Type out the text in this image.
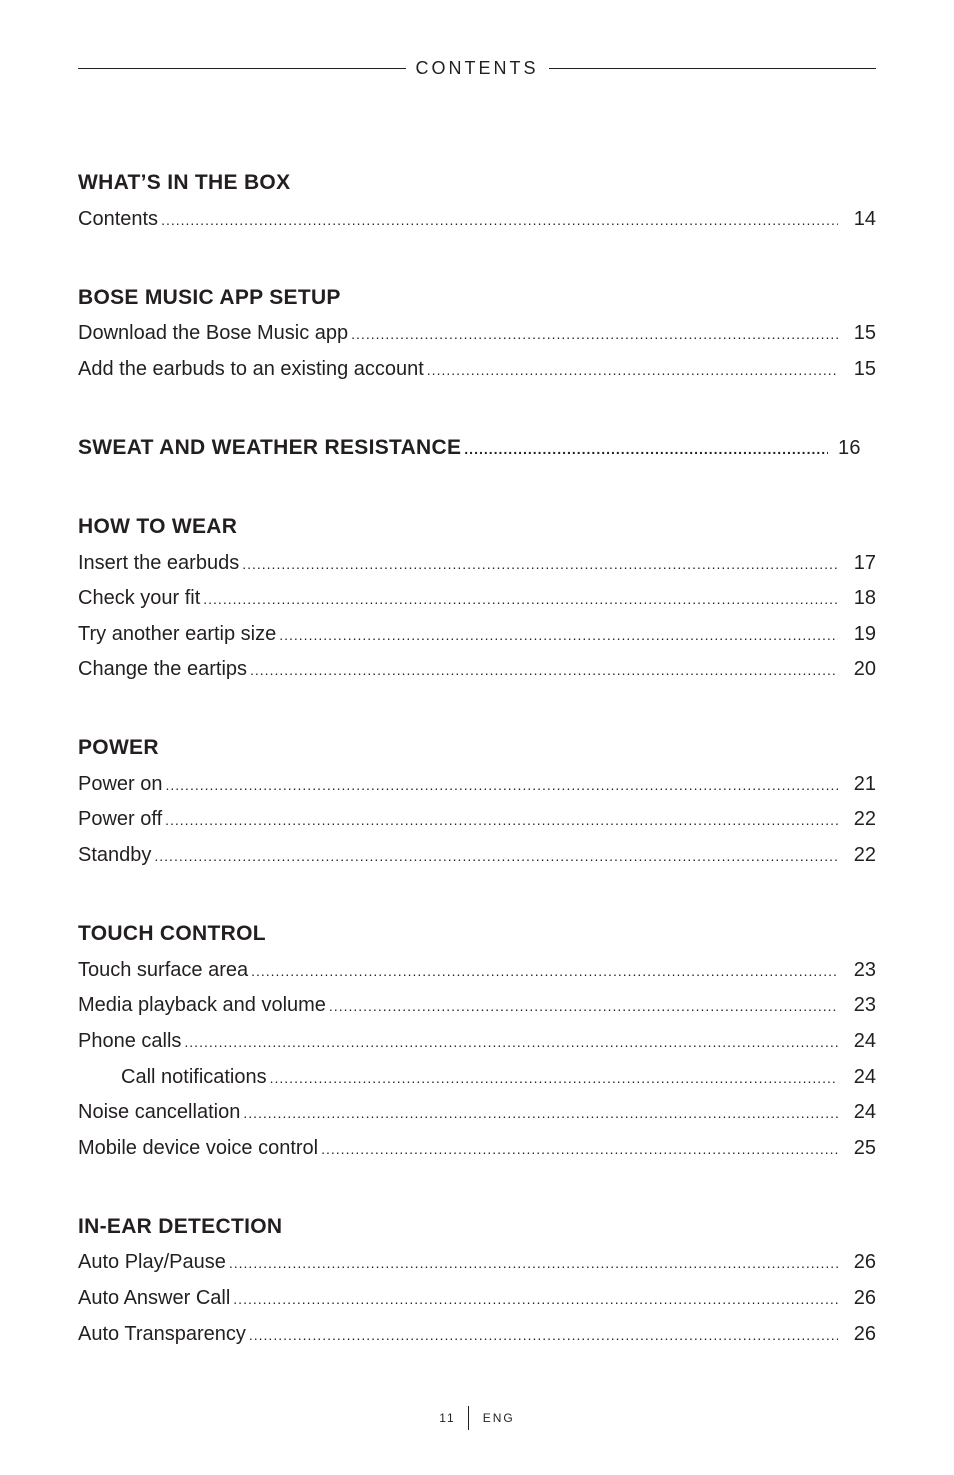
CONTENTS
WHAT’S IN THE BOX
Contents .....	14
BOSE MUSIC APP SETUP
Download the Bose Music app .....	15
Add the earbuds to an existing account .....	15
SWEAT AND WEATHER RESISTANCE .....	16
HOW TO WEAR
Insert the earbuds .....	17
Check your fit .....	18
Try another eartip size .....	19
Change the eartips .....	20
POWER
Power on .....	21
Power off .....	22
Standby .....	22
TOUCH CONTROL
Touch surface area .....	23
Media playback and volume .....	23
Phone calls .....	24
Call notifications .....	24
Noise cancellation .....	24
Mobile device voice control .....	25
IN-EAR DETECTION
Auto Play/Pause .....	26
Auto Answer Call .....	26
Auto Transparency .....	26
11 ENG
